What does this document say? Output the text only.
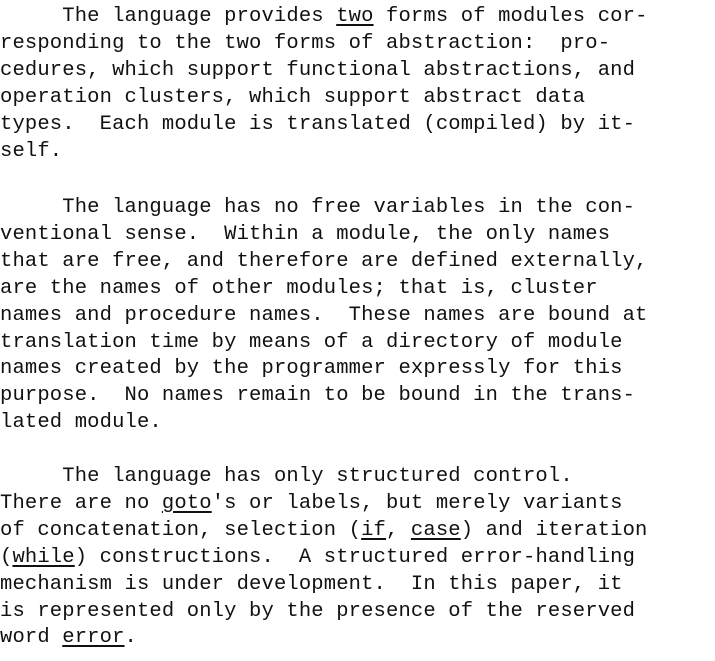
The language provides two forms of modules cor-
responding to the two forms of abstraction:  pro-
cedures, which support functional abstractions, and
operation clusters, which support abstract data
types.  Each module is translated (compiled) by it-
self.
The language has no free variables in the con-
ventional sense.  Within a module, the only names
that are free, and therefore are defined externally,
are the names of other modules; that is, cluster
names and procedure names.  These names are bound at
translation time by means of a directory of module
names created by the programmer expressly for this
purpose.  No names remain to be bound in the trans-
lated module.
The language has only structured control.
There are no goto's or labels, but merely variants
of concatenation, selection (if, case) and iteration
(while) constructions.  A structured error-handling
mechanism is under development.  In this paper, it
is represented only by the presence of the reserved
word error.
